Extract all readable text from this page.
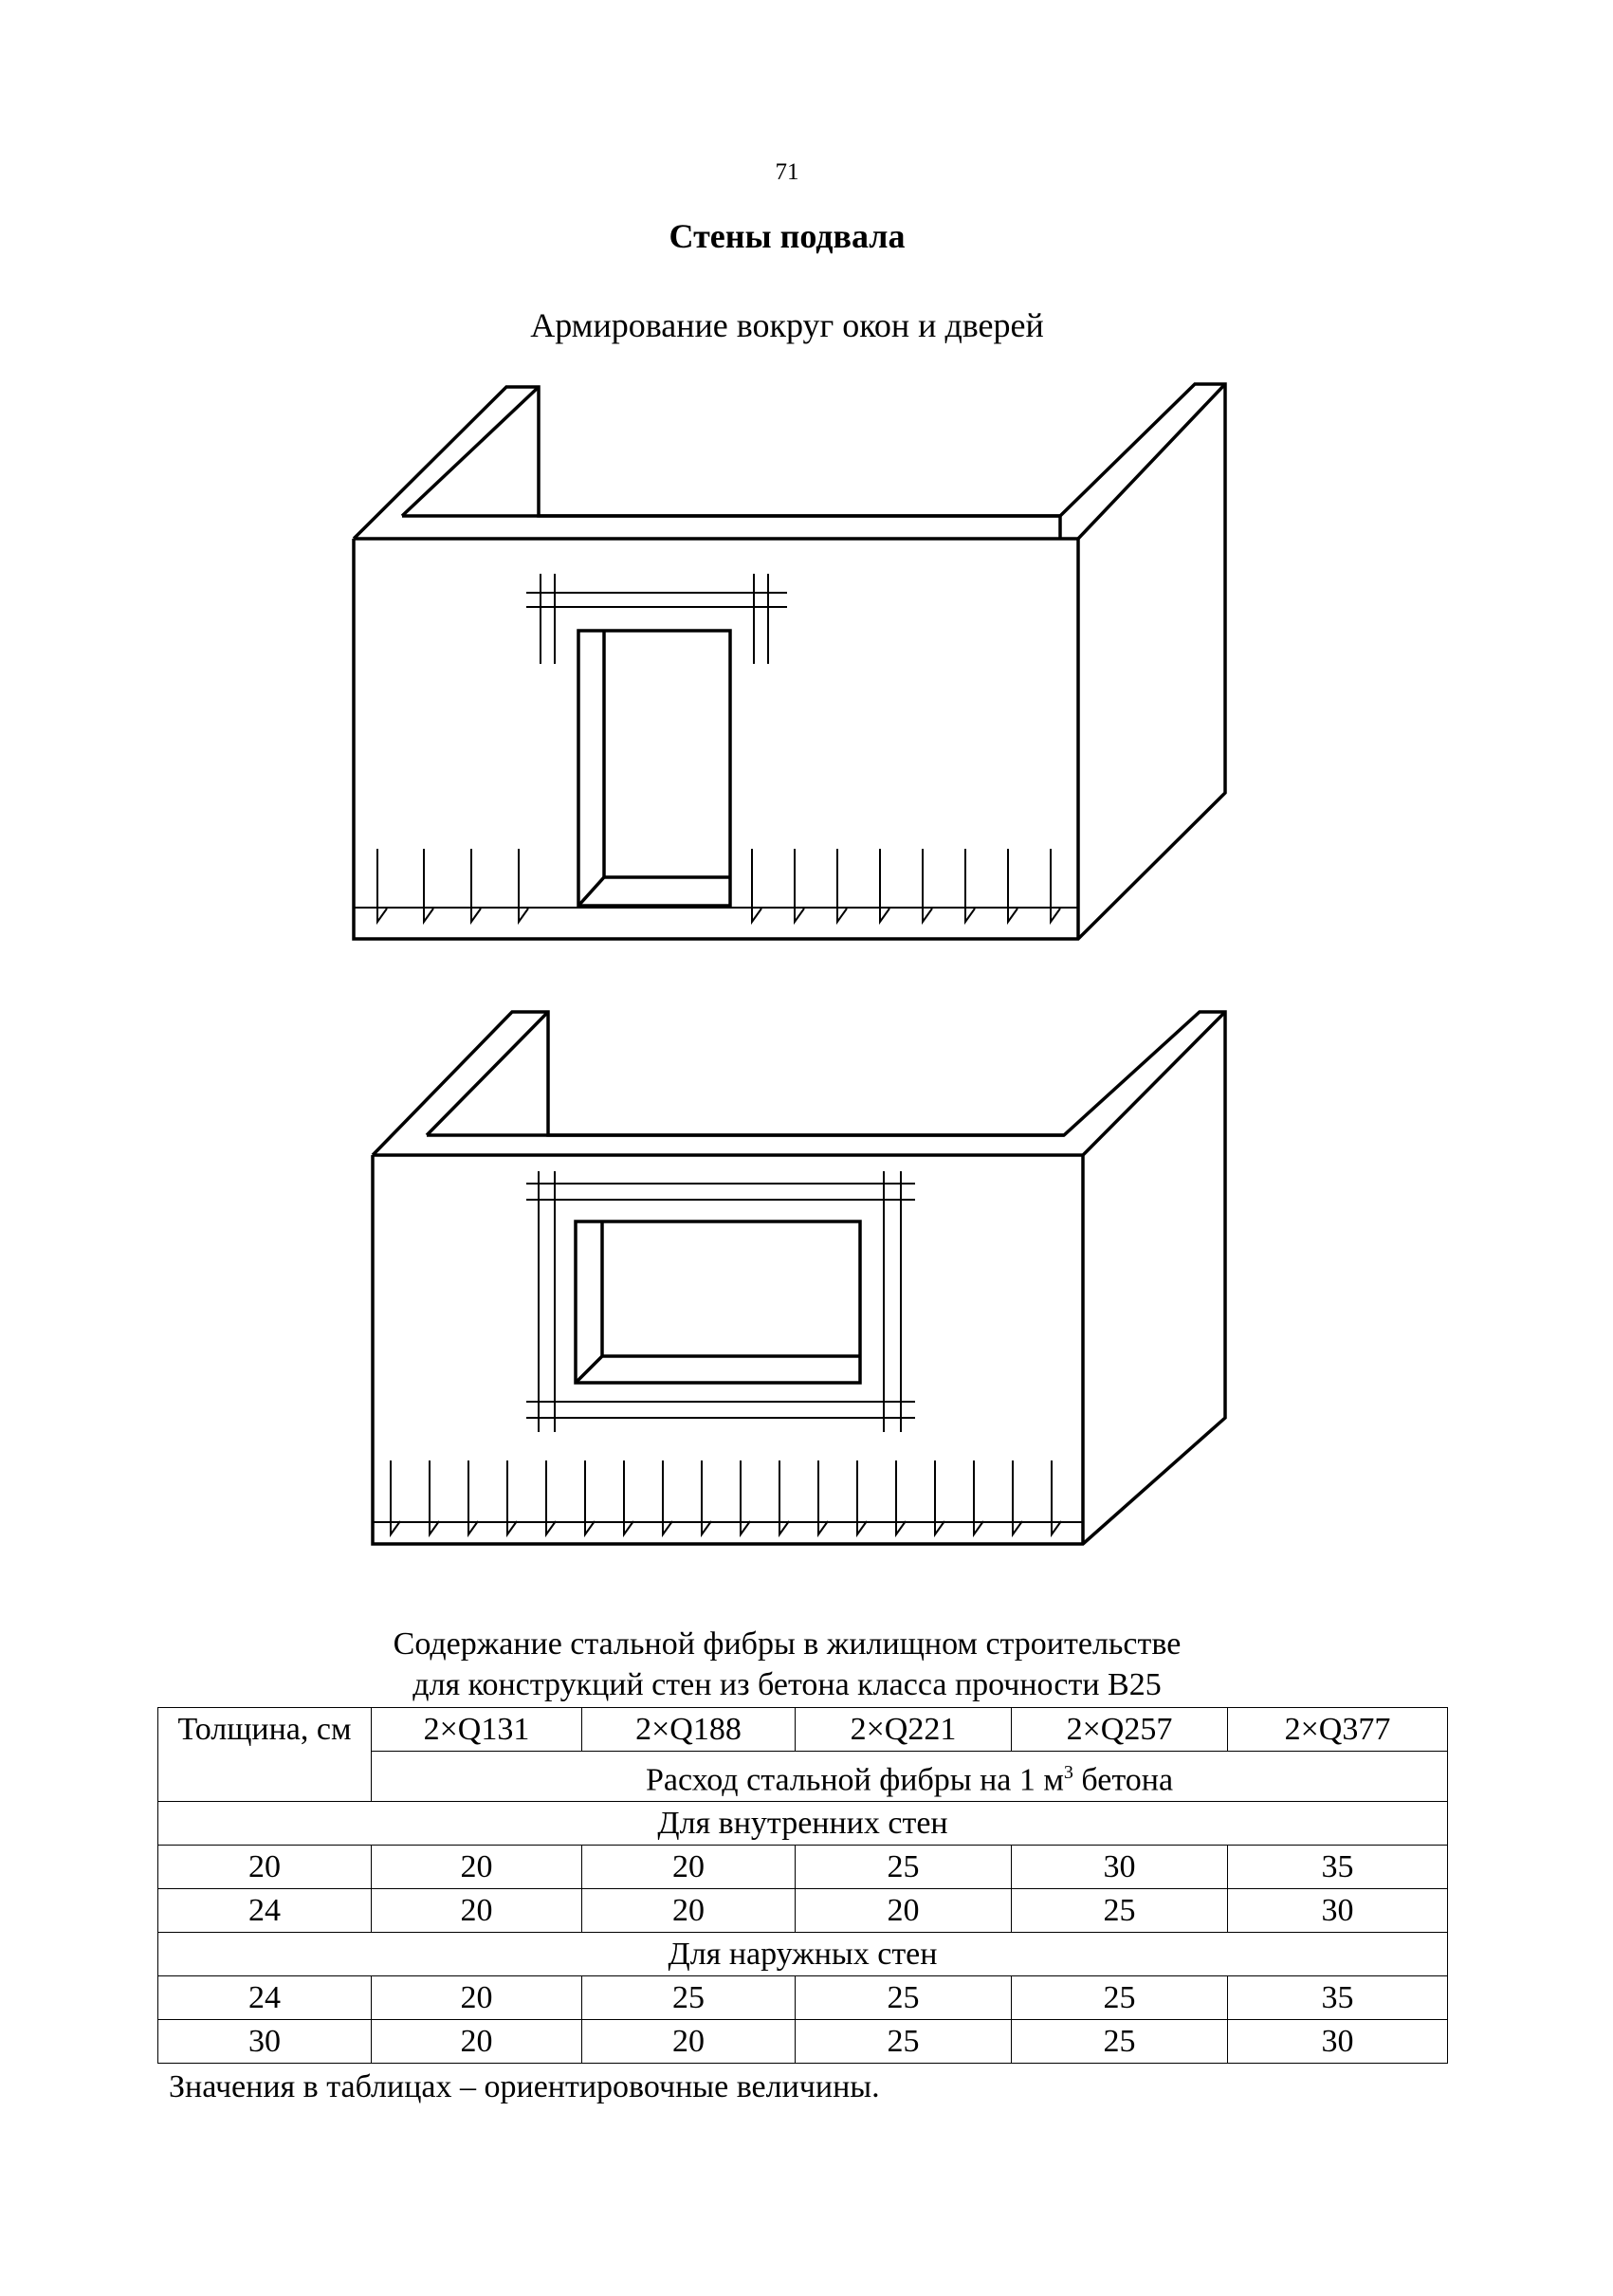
71
Стены подвала
Армирование вокруг окон и дверей
Содержание стальной фибры в жилищном строительстве
для конструкций стен из бетона класса прочности B25
Толщина, см	2×Q131	2×Q188	2×Q221	2×Q257	2×Q377
	Расход стальной фибры на 1 $м^3$ бетона				
Для внутренних стен					
20	20	20	25	30	35
24	20	20	20	25	30
Для наружных стен					
24	20	25	25	25	35
30	20	20	25	25	30
Значения в таблицах – ориентировочные величины.
